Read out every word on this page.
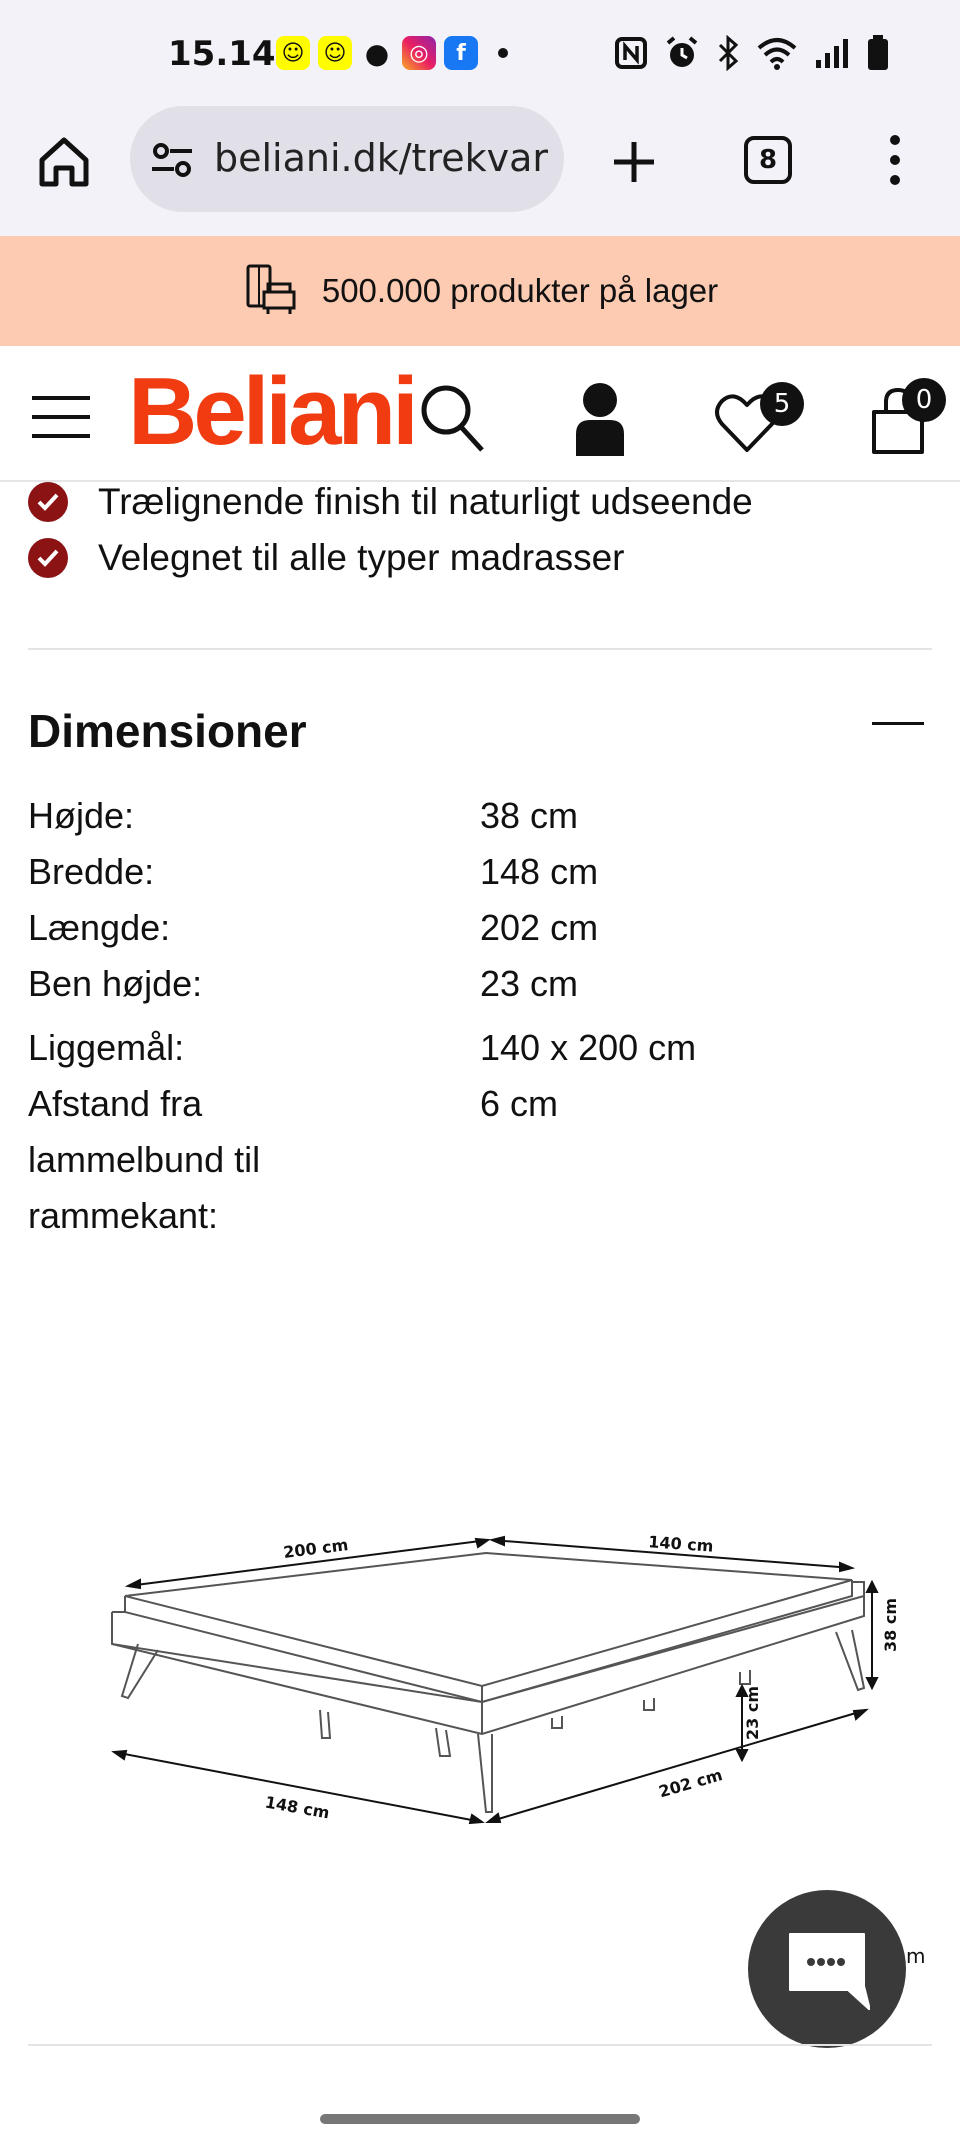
15.14 ☺ ☺ ● ◎	f
beliani.dk/trekvar	8
500.000 produkter på lager
Beliani	5	0
Trælignende finish til naturligt udseende
Velegnet til alle typer madrasser
Dimensioner
Højde:	38 cm
Bredde:	148 cm
Længde:	202 cm
Ben højde:	23 cm
Liggemål:	140 x 200 cm
Afstand fra lammelbund til rammekant:
6 cm
200 cm	140 cm
38 cm
23 cm
148 cm
202 cm
m
